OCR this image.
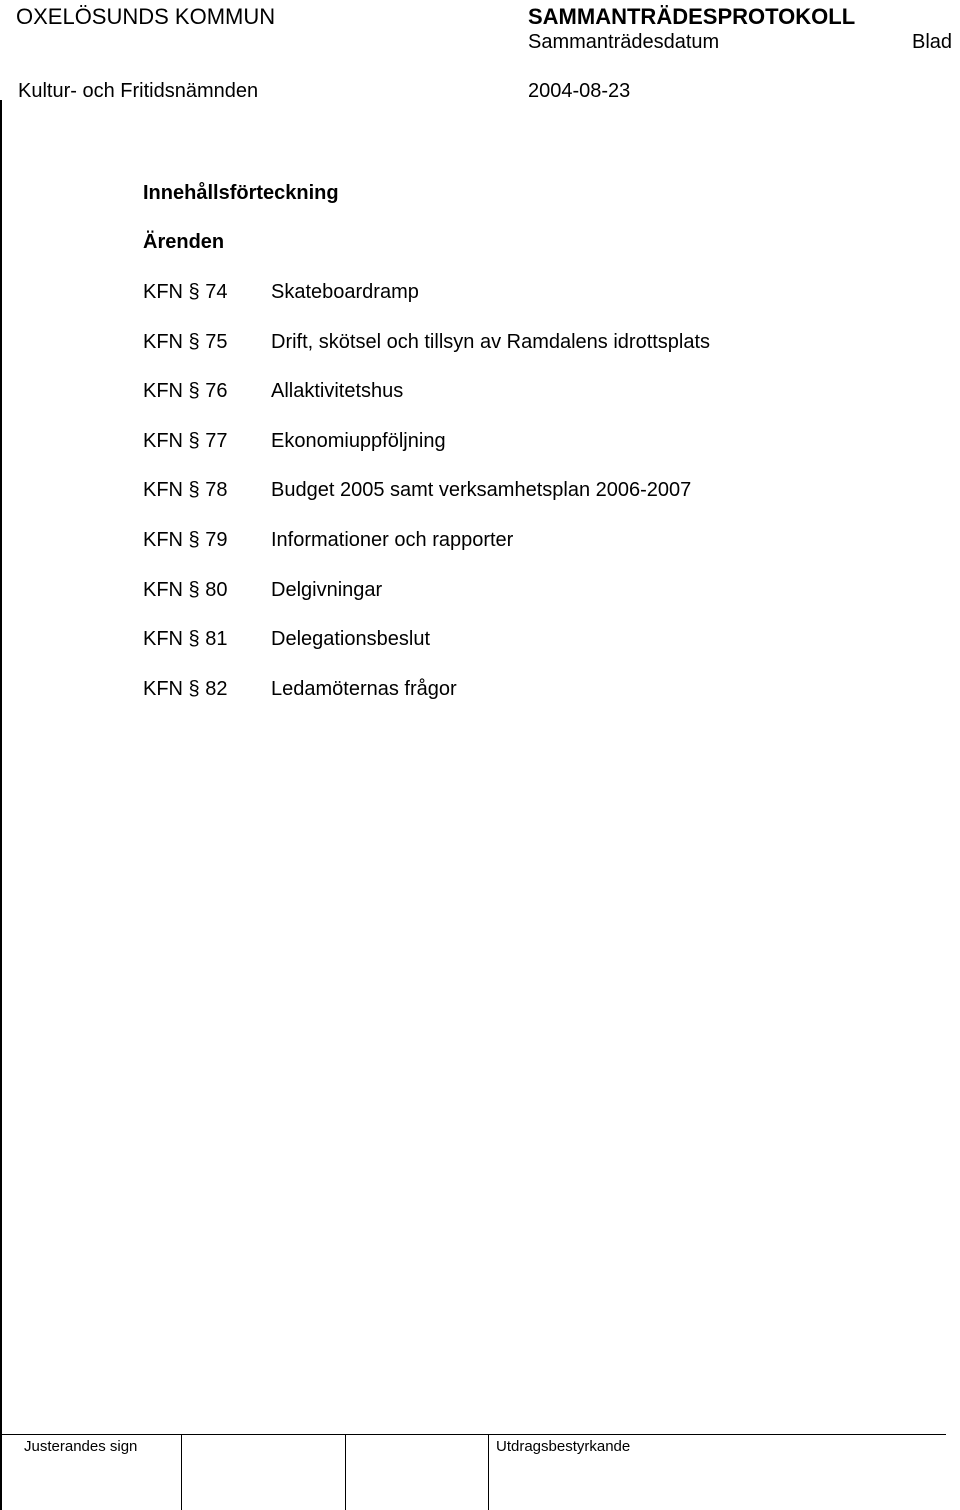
OXELÖSUNDS KOMMUN	SAMMANTRÄDESPROTOKOLL
Sammanträdesdatum	Blad
Kultur- och Fritidsnämnden	2004-08-23
Innehållsförteckning
Ärenden
KFN § 74	Skateboardramp
KFN § 75	Drift, skötsel och tillsyn av Ramdalens idrottsplats
KFN § 76	Allaktivitetshus
KFN § 77	Ekonomiuppföljning
KFN § 78	Budget 2005 samt verksamhetsplan 2006-2007
KFN § 79	Informationer och rapporter
KFN § 80	Delgivningar
KFN § 81	Delegationsbeslut
KFN § 82	Ledamöternas frågor
Justerandes sign	Utdragsbestyrkande
